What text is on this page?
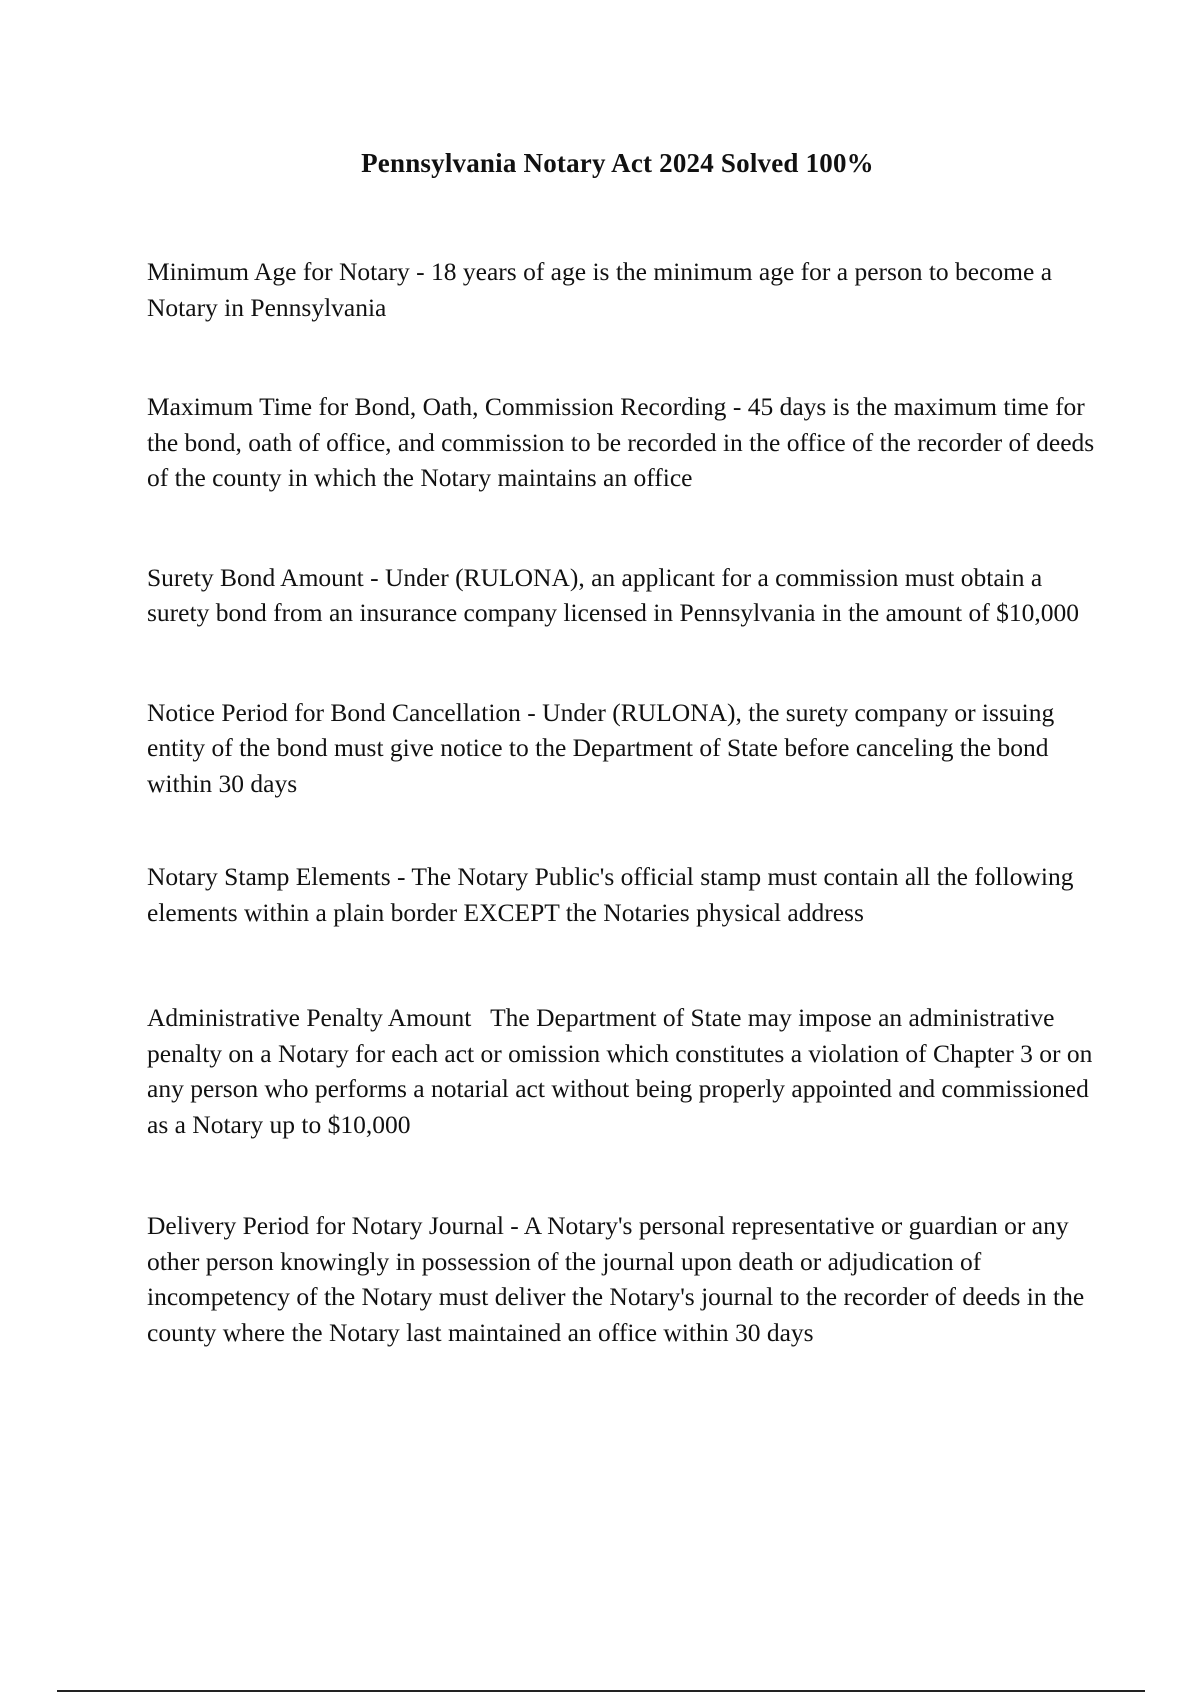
Pennsylvania Notary Act 2024 Solved 100%

Minimum Age for Notary - 18 years of age is the minimum age for a person to become a Notary in Pennsylvania

Maximum Time for Bond, Oath, Commission Recording - 45 days is the maximum time for the bond, oath of office, and commission to be recorded in the office of the recorder of deeds of the county in which the Notary maintains an office

Surety Bond Amount - Under (RULONA), an applicant for a commission must obtain a surety bond from an insurance company licensed in Pennsylvania in the amount of $10,000

Notice Period for Bond Cancellation - Under (RULONA), the surety company or issuing entity of the bond must give notice to the Department of State before canceling the bond within 30 days

Notary Stamp Elements - The Notary Public's official stamp must contain all the following elements within a plain border EXCEPT the Notaries physical address

Administrative Penalty Amount The Department of State may impose an administrative penalty on a Notary for each act or omission which constitutes a violation of Chapter 3 or on any person who performs a notarial act without being properly appointed and commissioned as a Notary up to $10,000

Delivery Period for Notary Journal - A Notary's personal representative or guardian or any other person knowingly in possession of the journal upon death or adjudication of incompetency of the Notary must deliver the Notary's journal to the recorder of deeds in the county where the Notary last maintained an office within 30 days
